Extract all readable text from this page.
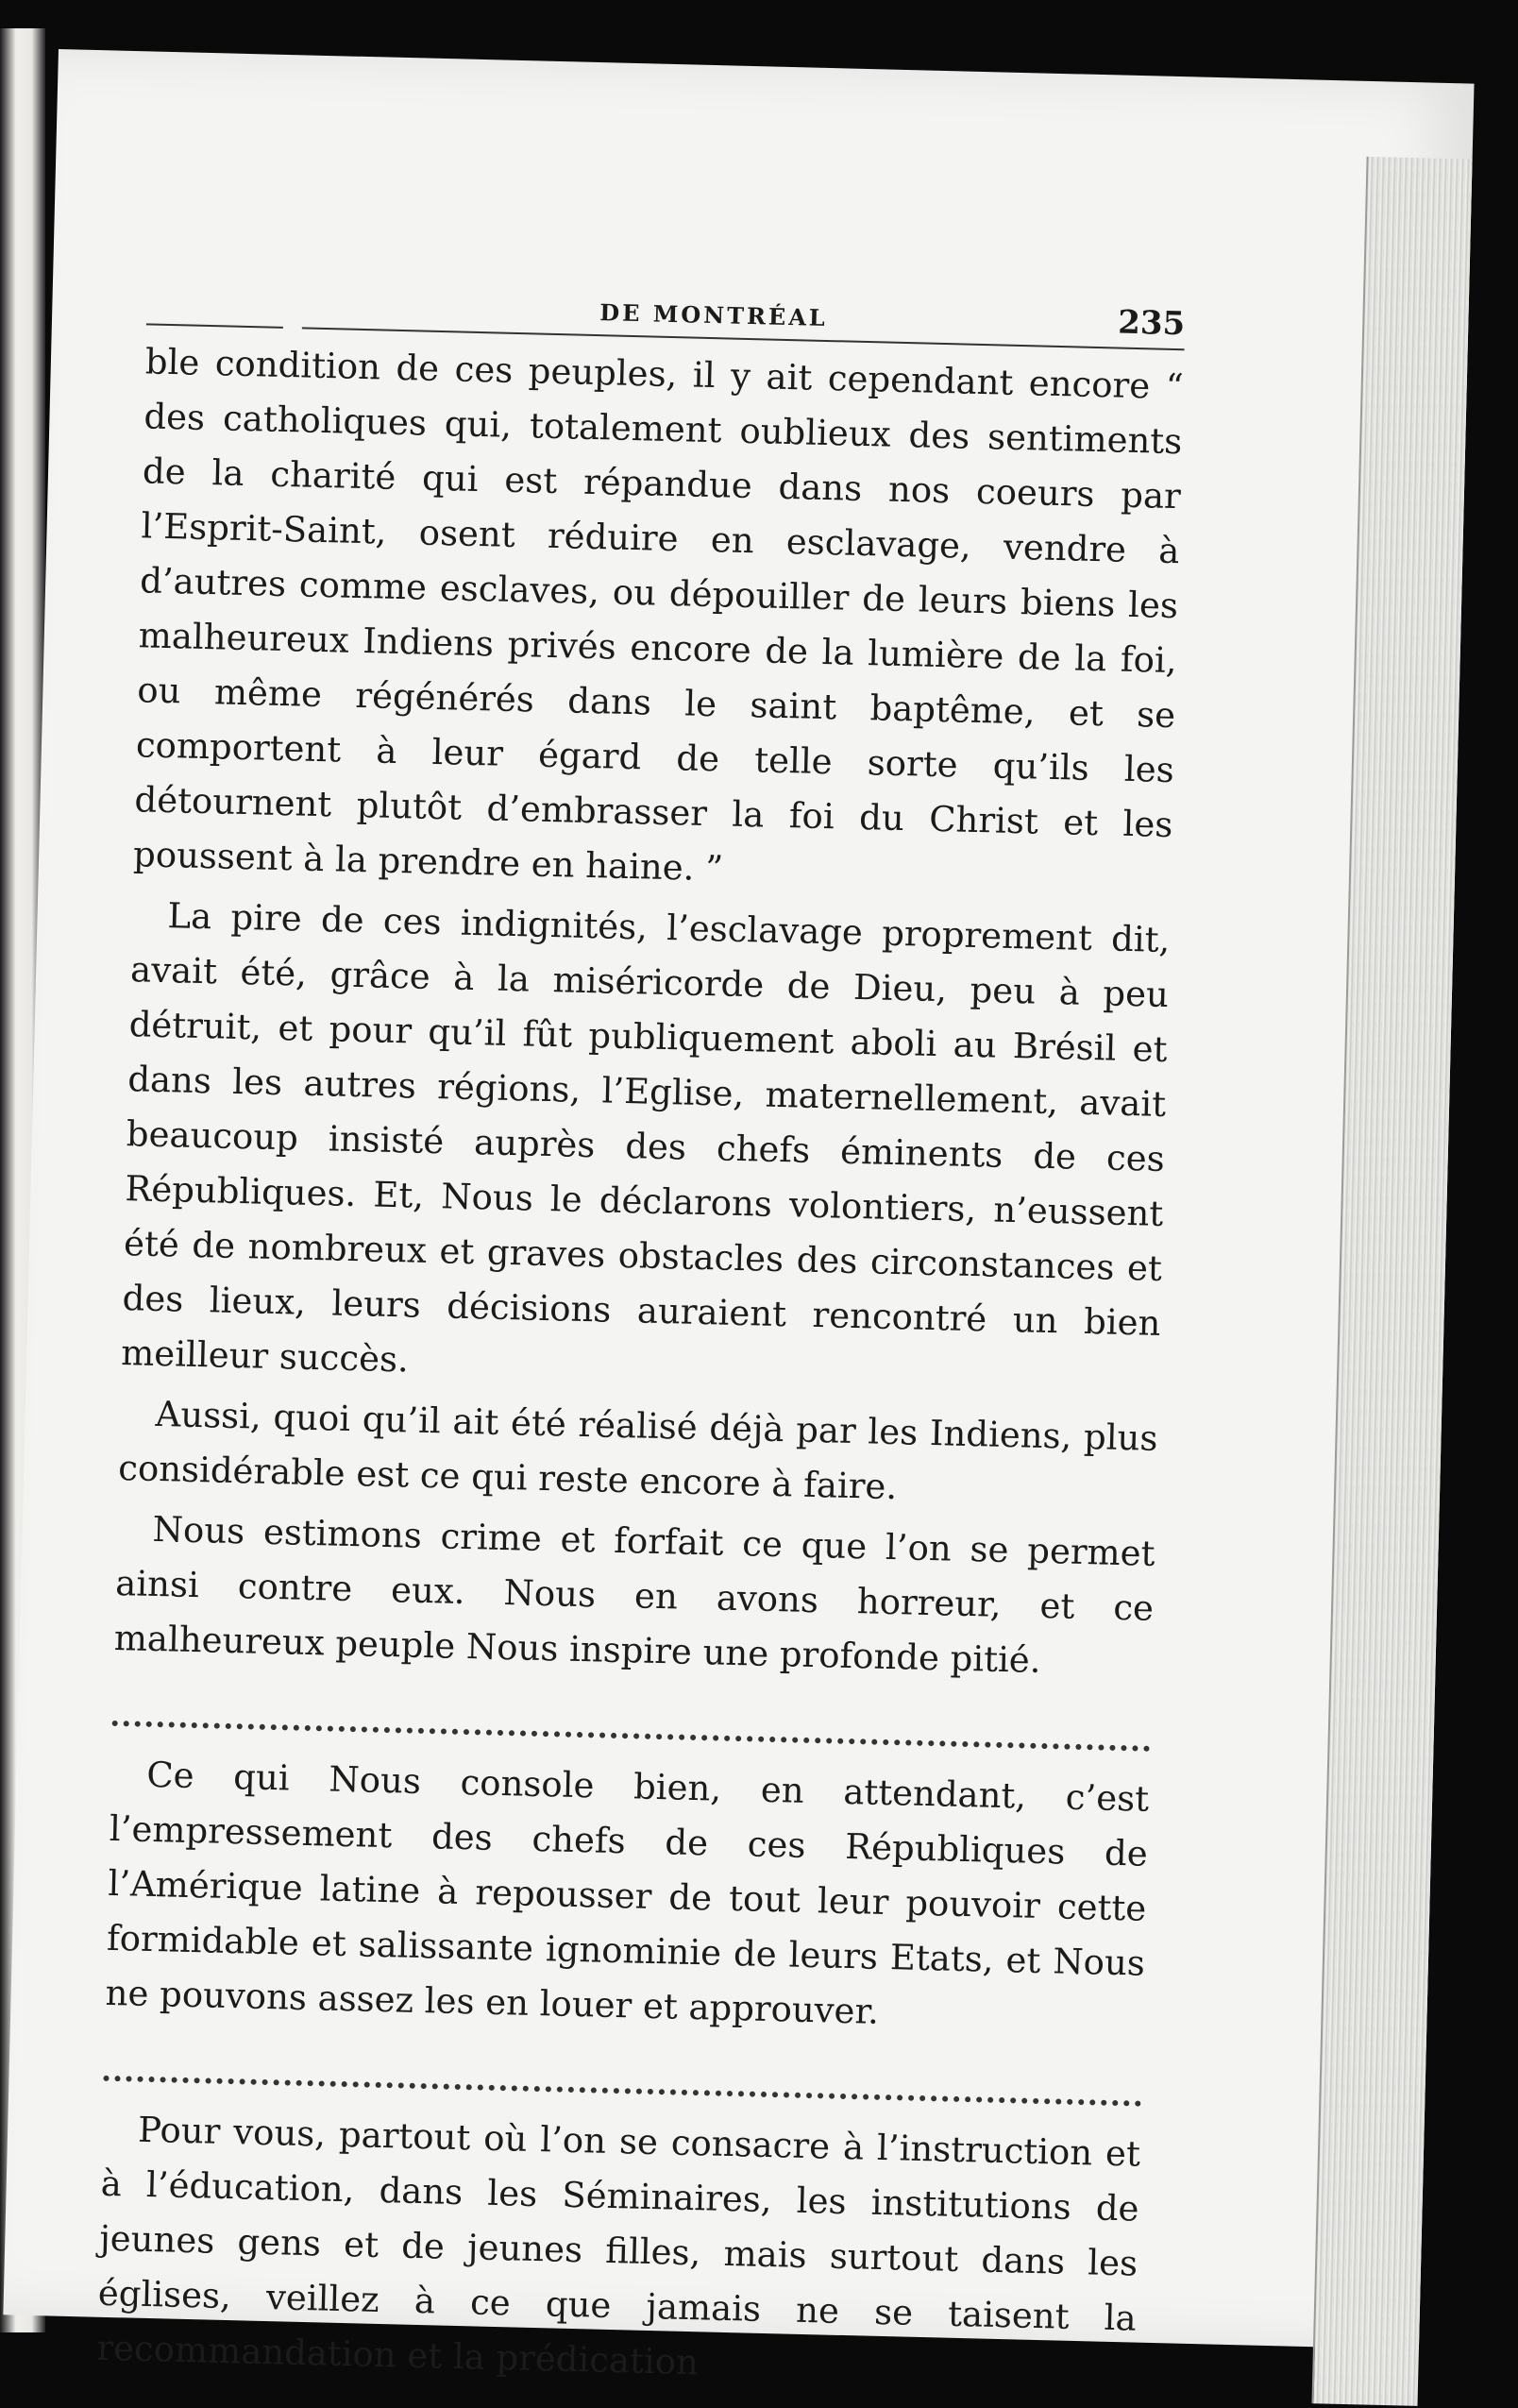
DE MONTRÉAL	235

ble condition de ces peuples, il y ait cependant encore “ des catholiques qui, totalement oublieux des sentiments de la charité qui est répandue dans nos coeurs par l’Esprit-Saint, osent réduire en esclavage, vendre à d’autres comme esclaves, ou dépouiller de leurs biens les malheureux Indiens privés encore de la lumière de la foi, ou même régénérés dans le saint baptême, et se comportent à leur égard de telle sorte qu’ils les détournent plutôt d’embrasser la foi du Christ et les poussent à la prendre en haine. ”

La pire de ces indignités, l’esclavage proprement dit, avait été, grâce à la miséricorde de Dieu, peu à peu détruit, et pour qu’il fût publiquement aboli au Brésil et dans les autres régions, l’Eglise, maternellement, avait beaucoup insisté auprès des chefs éminents de ces Républiques. Et, Nous le déclarons volontiers, n’eussent été de nombreux et graves obstacles des circonstances et des lieux, leurs décisions auraient rencontré un bien meilleur succès.

Aussi, quoi qu’il ait été réalisé déjà par les Indiens, plus considérable est ce qui reste encore à faire.

Nous estimons crime et forfait ce que l’on se permet ainsi contre eux. Nous en avons horreur, et ce malheureux peuple Nous inspire une profonde pitié.

Ce qui Nous console bien, en attendant, c’est l’empressement des chefs de ces Républiques de l’Amérique latine à repousser de tout leur pouvoir cette formidable et salissante ignominie de leurs Etats, et Nous ne pouvons assez les en louer et approuver.

Pour vous, partout où l’on se consacre à l’instruction et à l’éducation, dans les Séminaires, les institutions de jeunes gens et de jeunes filles, mais surtout dans les églises, veillez à ce que jamais ne se taisent la recommandation et la prédication
